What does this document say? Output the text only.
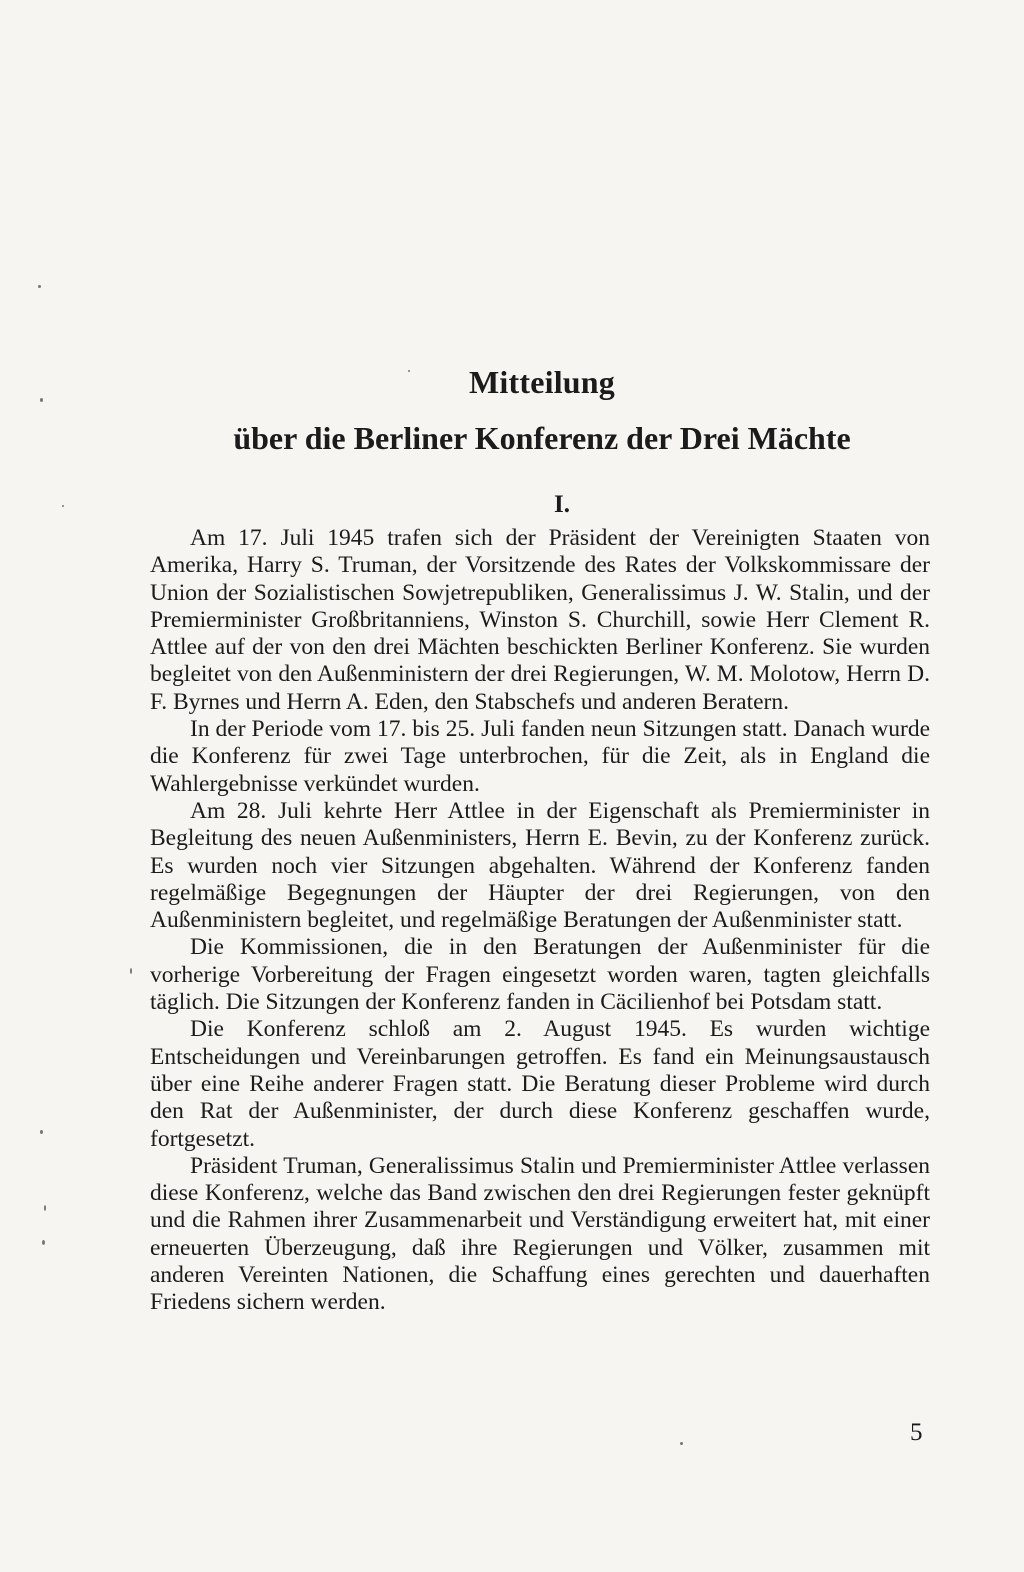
Mitteilung
über die Berliner Konferenz der Drei Mächte
I.

Am 17. Juli 1945 trafen sich der Präsident der Vereinigten Staaten von Amerika, Harry S. Truman, der Vorsitzende des Rates der Volkskommissare der Union der Sozialistischen Sowjetrepubliken, Generalissimus J. W. Stalin, und der Premierminister Großbritanniens, Winston S. Churchill, sowie Herr Clement R. Attlee auf der von den drei Mächten beschickten Berliner Konferenz. Sie wurden begleitet von den Außenministern der drei Regierungen, W. M. Molotow, Herrn D. F. Byrnes und Herrn A. Eden, den Stabschefs und anderen Beratern.

In der Periode vom 17. bis 25. Juli fanden neun Sitzungen statt. Danach wurde die Konferenz für zwei Tage unterbrochen, für die Zeit, als in England die Wahlergebnisse verkündet wurden.

Am 28. Juli kehrte Herr Attlee in der Eigenschaft als Premierminister in Begleitung des neuen Außenministers, Herrn E. Bevin, zu der Konferenz zurück. Es wurden noch vier Sitzungen abgehalten. Während der Konferenz fanden regelmäßige Begegnungen der Häupter der drei Regierungen, von den Außenministern begleitet, und regelmäßige Beratungen der Außenminister statt.

Die Kommissionen, die in den Beratungen der Außenminister für die vorherige Vorbereitung der Fragen eingesetzt worden waren, tagten gleichfalls täglich. Die Sitzungen der Konferenz fanden in Cäcilienhof bei Potsdam statt.

Die Konferenz schloß am 2. August 1945. Es wurden wichtige Entscheidungen und Vereinbarungen getroffen. Es fand ein Meinungsaustausch über eine Reihe anderer Fragen statt. Die Beratung dieser Probleme wird durch den Rat der Außenminister, der durch diese Konferenz geschaffen wurde, fortgesetzt.

Präsident Truman, Generalissimus Stalin und Premierminister Attlee verlassen diese Konferenz, welche das Band zwischen den drei Regierungen fester geknüpft und die Rahmen ihrer Zusammenarbeit und Verständigung erweitert hat, mit einer erneuerten Überzeugung, daß ihre Regierungen und Völker, zusammen mit anderen Vereinten Nationen, die Schaffung eines gerechten und dauerhaften Friedens sichern werden.

5
